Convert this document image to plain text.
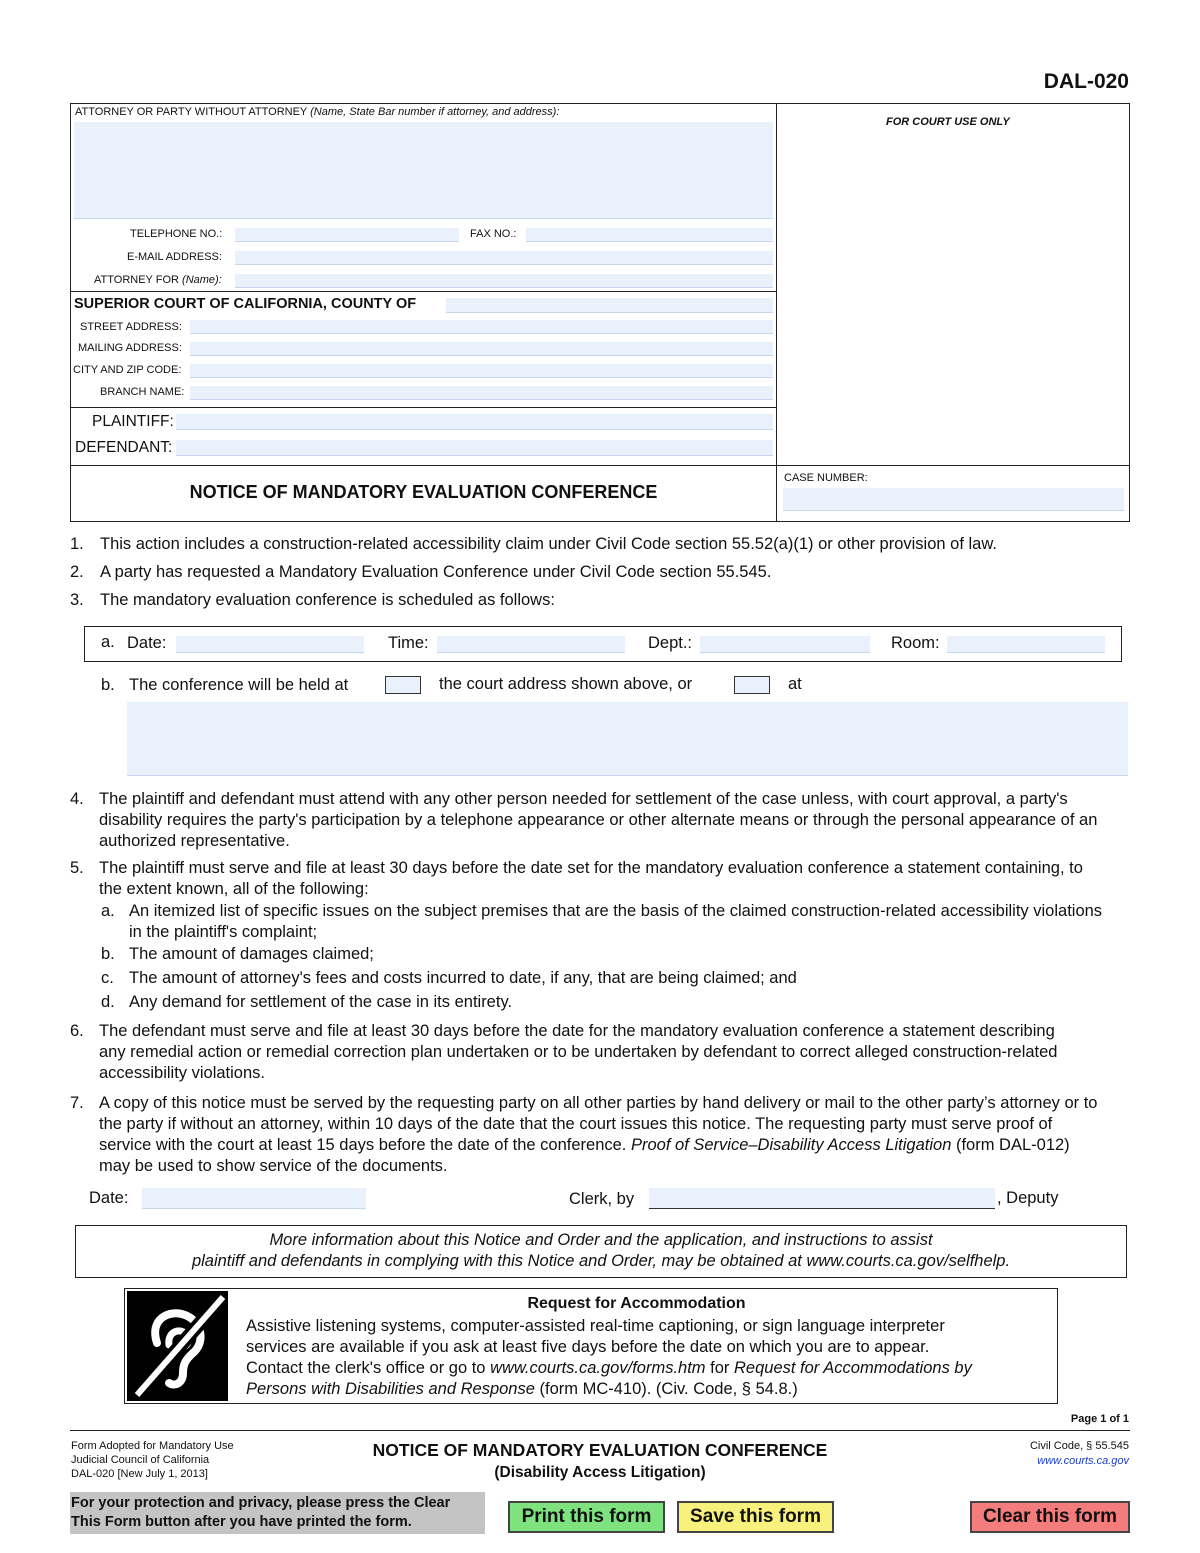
DAL-020
ATTORNEY OR PARTY WITHOUT ATTORNEY (Name, State Bar number if attorney, and address):
FOR COURT USE ONLY
TELEPHONE NO.:	FAX NO.:
E-MAIL ADDRESS:
ATTORNEY FOR (Name):
SUPERIOR COURT OF CALIFORNIA, COUNTY OF
STREET ADDRESS:
MAILING ADDRESS:
CITY AND ZIP CODE:
BRANCH NAME:
PLAINTIFF:
DEFENDANT:
NOTICE OF MANDATORY EVALUATION CONFERENCE
CASE NUMBER:
1. This action includes a construction-related accessibility claim under Civil Code section 55.52(a)(1) or other provision of law.
2. A party has requested a Mandatory Evaluation Conference under Civil Code section 55.545.
3. The mandatory evaluation conference is scheduled as follows:
a. Date:	Time:	Dept.:	Room:
b. The conference will be held at	the court address shown above, or	at
4. The plaintiff and defendant must attend with any other person needed for settlement of the case unless, with court approval, a party's disability requires the party's participation by a telephone appearance or other alternate means or through the personal appearance of an authorized representative.
5. The plaintiff must serve and file at least 30 days before the date set for the mandatory evaluation conference a statement containing, to the extent known, all of the following:
a. An itemized list of specific issues on the subject premises that are the basis of the claimed construction-related accessibility violations in the plaintiff's complaint;
b. The amount of damages claimed;
c. The amount of attorney's fees and costs incurred to date, if any, that are being claimed; and
d. Any demand for settlement of the case in its entirety.
6. The defendant must serve and file at least 30 days before the date for the mandatory evaluation conference a statement describing any remedial action or remedial correction plan undertaken or to be undertaken by defendant to correct alleged construction-related accessibility violations.
7. A copy of this notice must be served by the requesting party on all other parties by hand delivery or mail to the other party’s attorney or to the party if without an attorney, within 10 days of the date that the court issues this notice. The requesting party must serve proof of service with the court at least 15 days before the date of the conference. Proof of Service–Disability Access Litigation (form DAL-012) may be used to show service of the documents.
Date:	Clerk, by	, Deputy
More information about this Notice and Order and the application, and instructions to assist
plaintiff and defendants in complying with this Notice and Order, may be obtained at www.courts.ca.gov/selfhelp.
Request for Accommodation
Assistive listening systems, computer-assisted real-time captioning, or sign language interpreter
services are available if you ask at least five days before the date on which you are to appear.
Contact the clerk's office or go to www.courts.ca.gov/forms.htm for Request for Accommodations by
Persons with Disabilities and Response (form MC-410). (Civ. Code, § 54.8.)
Page 1 of 1
Form Adopted for Mandatory Use
Judicial Council of California
DAL-020 [New July 1, 2013]
NOTICE OF MANDATORY EVALUATION CONFERENCE
(Disability Access Litigation)
Civil Code, § 55.545
www.courts.ca.gov
For your protection and privacy, please press the Clear
This Form button after you have printed the form.	Print this form	Save this form	Clear this form
